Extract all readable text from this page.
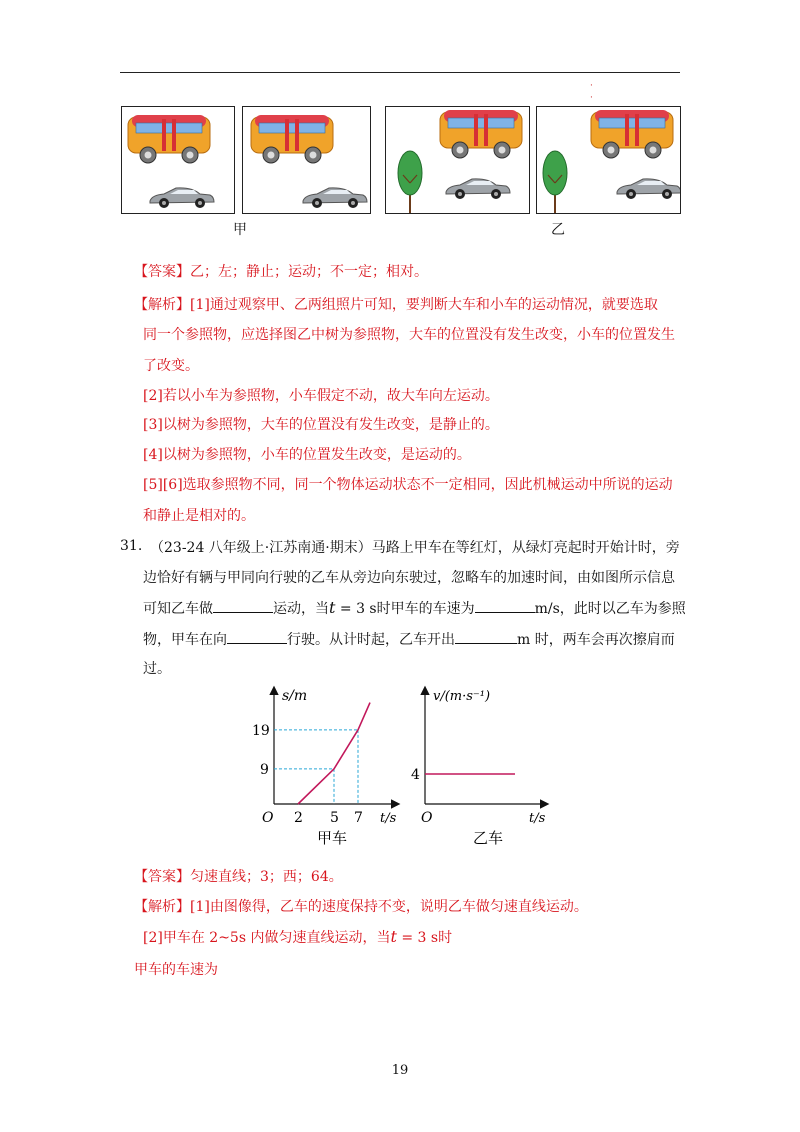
·
·
甲	乙
【答案】乙；左；静止；运动；不一定；相对。
【解析】[1]通过观察甲、乙两组照片可知，要判断大车和小车的运动情况，就要选取
同一个参照物，应选择图乙中树为参照物，大车的位置没有发生改变，小车的位置发生
了改变。
[2]若以小车为参照物，小车假定不动，故大车向左运动。
[3]以树为参照物，大车的位置没有发生改变，是静止的。
[4]以树为参照物，小车的位置发生改变，是运动的。
[5][6]选取参照物不同，同一个物体运动状态不一定相同，因此机械运动中所说的运动
和静止是相对的。
31. （23-24 八年级上·江苏南通·期末）马路上甲车在等红灯，从绿灯亮起时开始计时，旁
边恰好有辆与甲同向行驶的乙车从旁边向东驶过，忽略车的加速时间，由如图所示信息
可知乙车做	运动，当t = 3 s时甲车的车速为	m/s，此时以乙车为参照
物，甲车在向	行驶。从计时起，乙车开出	m 时，两车会再次擦肩而
过。
s/m
t/s
O 2 5 7
9
19
甲车
v/(m·s⁻¹)
t/s
O
4
乙车
【答案】匀速直线；3；西；64。
【解析】[1]由图像得，乙车的速度保持不变，说明乙车做匀速直线运动。
[2]甲车在 2~5s 内做匀速直线运动，当t = 3 s时
甲车的车速为
19
